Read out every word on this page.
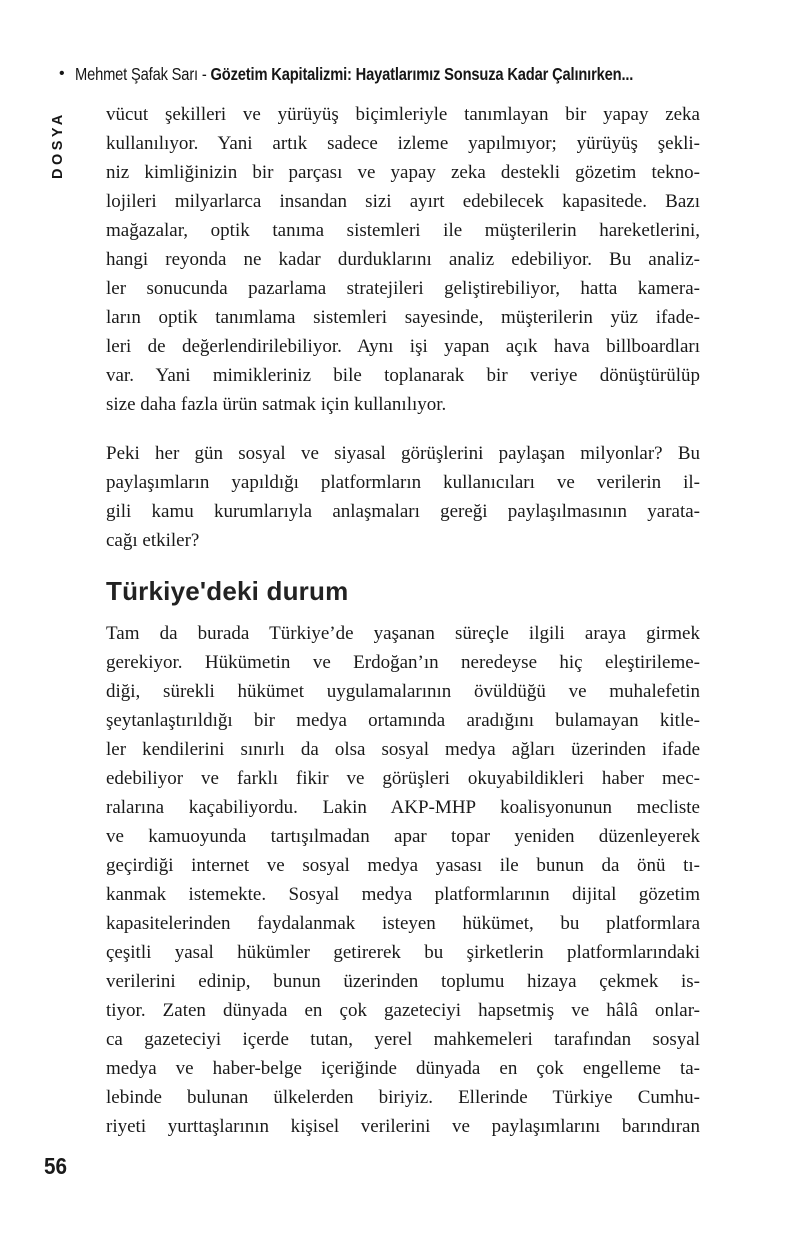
• Mehmet Şafak Sarı - Gözetim Kapitalizmi: Hayatlarımız Sonsuza Kadar Çalınırken...
DOSYA vücut şekilleri ve yürüyüş biçimleriyle tanımlayan bir yapay zeka
kullanılıyor. Yani artık sadece izleme yapılmıyor; yürüyüş şekli-
niz kimliğinizin bir parçası ve yapay zeka destekli gözetim tekno-
lojileri milyarlarca insandan sizi ayırt edebilecek kapasitede. Bazı
mağazalar, optik tanıma sistemleri ile müşterilerin hareketlerini,
hangi reyonda ne kadar durduklarını analiz edebiliyor. Bu analiz-
ler sonucunda pazarlama stratejileri geliştirebiliyor, hatta kamera-
ların optik tanımlama sistemleri sayesinde, müşterilerin yüz ifade-
leri de değerlendirilebiliyor. Aynı işi yapan açık hava billboardları
var. Yani mimikleriniz bile toplanarak bir veriye dönüştürülüp
size daha fazla ürün satmak için kullanılıyor.
Peki her gün sosyal ve siyasal görüşlerini paylaşan milyonlar? Bu
paylaşımların yapıldığı platformların kullanıcıları ve verilerin il-
gili kamu kurumlarıyla anlaşmaları gereği paylaşılmasının yarata-
cağı etkiler?
Türkiye'deki durum
Tam da burada Türkiye’de yaşanan süreçle ilgili araya girmek
gerekiyor. Hükümetin ve Erdoğan’ın neredeyse hiç eleştirileme-
diği, sürekli hükümet uygulamalarının övüldüğü ve muhalefetin
şeytanlaştırıldığı bir medya ortamında aradığını bulamayan kitle-
ler kendilerini sınırlı da olsa sosyal medya ağları üzerinden ifade
edebiliyor ve farklı fikir ve görüşleri okuyabildikleri haber mec-
ralarına kaçabiliyordu. Lakin AKP-MHP koalisyonunun mecliste
ve kamuoyunda tartışılmadan apar topar yeniden düzenleyerek
geçirdiği internet ve sosyal medya yasası ile bunun da önü tı-
kanmak istemekte. Sosyal medya platformlarının dijital gözetim
kapasitelerinden faydalanmak isteyen hükümet, bu platformlara
çeşitli yasal hükümler getirerek bu şirketlerin platformlarındaki
verilerini edinip, bunun üzerinden toplumu hizaya çekmek is-
tiyor. Zaten dünyada en çok gazeteciyi hapsetmiş ve hâlâ onlar-
ca gazeteciyi içerde tutan, yerel mahkemeleri tarafından sosyal
medya ve haber-belge içeriğinde dünyada en çok engelleme ta-
lebinde bulunan ülkelerden biriyiz. Ellerinde Türkiye Cumhu-
riyeti yurttaşlarının kişisel verilerini ve paylaşımlarını barındıran
56
